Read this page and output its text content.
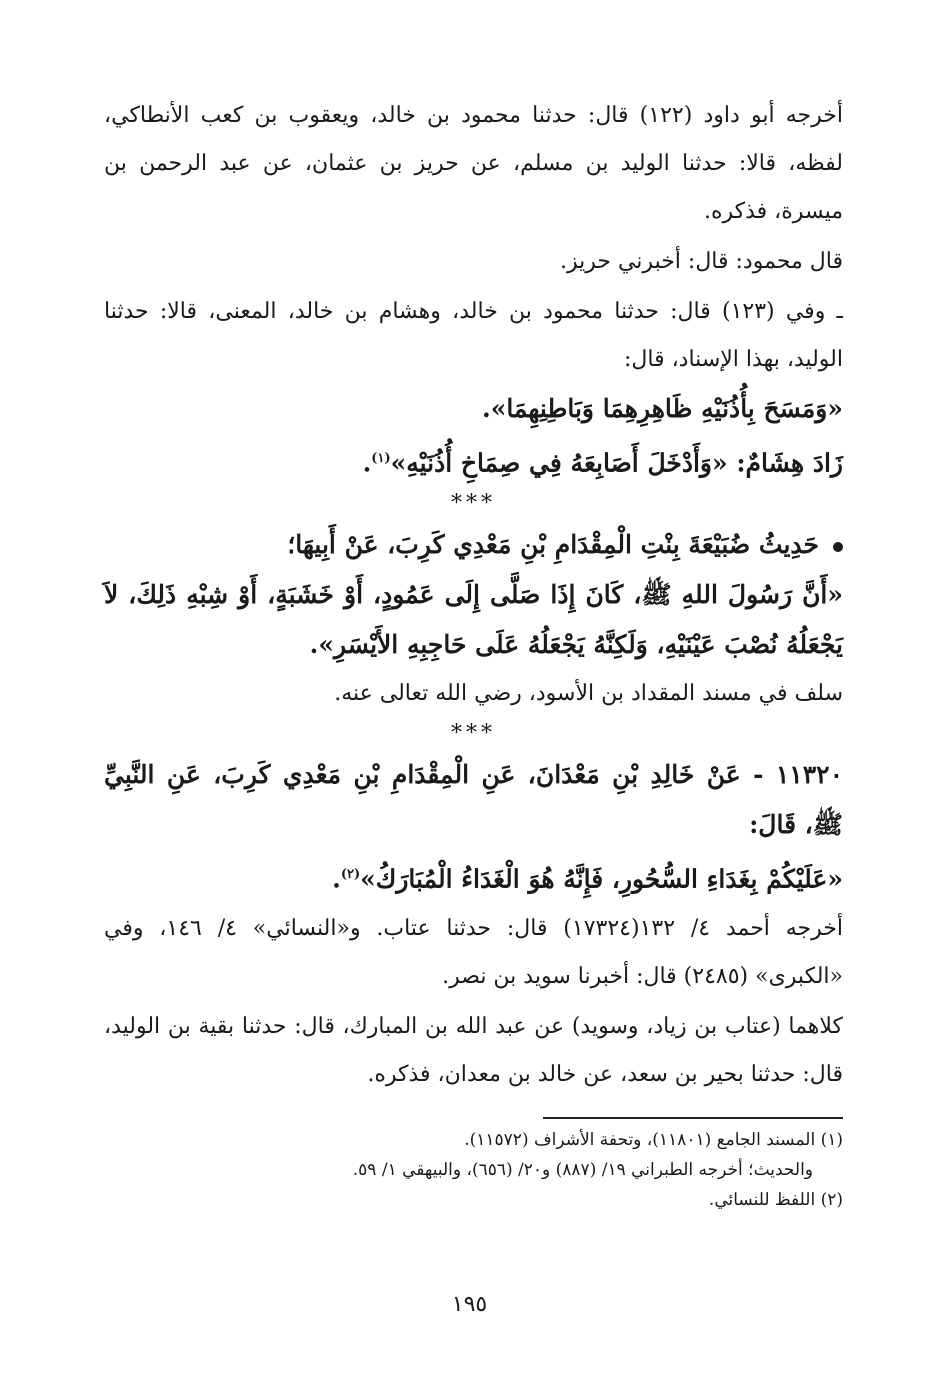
أخرجه أبو داود (١٢٢) قال: حدثنا محمود بن خالد، ويعقوب بن كعب الأنطاكي، لفظه، قالا: حدثنا الوليد بن مسلم، عن حريز بن عثمان، عن عبد الرحمن بن ميسرة، فذكره.

قال محمود: قال: أخبرني حريز.

ـ وفي (١٢٣) قال: حدثنا محمود بن خالد، وهشام بن خالد، المعنى، قالا: حدثنا الوليد، بهذا الإسناد، قال:

«وَمَسَحَ بِأُذُنَيْهِ ظَاهِرِهِمَا وَبَاطِنِهِمَا».

زَادَ هِشَامٌ: «وَأَدْخَلَ أَصَابِعَهُ فِي صِمَاخِ أُذُنَيْهِ»$^{(١)}$.

***

حَدِيثُ ضُبَيْعَةَ بِنْتِ الْمِقْدَامِ بْنِ مَعْدِي كَرِبَ، عَنْ أَبِيهَا؛

«أَنَّ رَسُولَ اللهِ ﷺ، كَانَ إِذَا صَلَّى إِلَى عَمُودٍ، أَوْ خَشَبَةٍ، أَوْ شِبْهِ ذَلِكَ، لاَ يَجْعَلُهُ نُصْبَ عَيْنَيْهِ، وَلَكِنَّهُ يَجْعَلُهُ عَلَى حَاجِبِهِ الأَيْسَرِ».

سلف في مسند المقداد بن الأسود، رضي الله تعالى عنه.

***

١١٣٢٠ - عَنْ خَالِدِ بْنِ مَعْدَانَ، عَنِ الْمِقْدَامِ بْنِ مَعْدِي كَرِبَ، عَنِ النَّبِيِّ ﷺ، قَالَ:

«عَلَيْكُمْ بِغَدَاءِ السُّحُورِ، فَإِنَّهُ هُوَ الْغَدَاءُ الْمُبَارَكُ»$^{(٢)}$.

أخرجه أحمد ٤/ ١٣٢(١٧٣٢٤) قال: حدثنا عتاب. و«النسائي» ٤/ ١٤٦، وفي «الكبرى» (٢٤٨٥) قال: أخبرنا سويد بن نصر.

كلاهما (عتاب بن زياد، وسويد) عن عبد الله بن المبارك، قال: حدثنا بقية بن الوليد، قال: حدثنا بحير بن سعد، عن خالد بن معدان، فذكره.

(١) المسند الجامع (١١٨٠١)، وتحفة الأشراف (١١٥٧٢).

والحديث؛ أخرجه الطبراني ١٩/ (٨٨٧) و٢٠/ (٦٥٦)، والبيهقي ١/ ٥٩.

(٢) اللفظ للنسائي.

١٩٥
